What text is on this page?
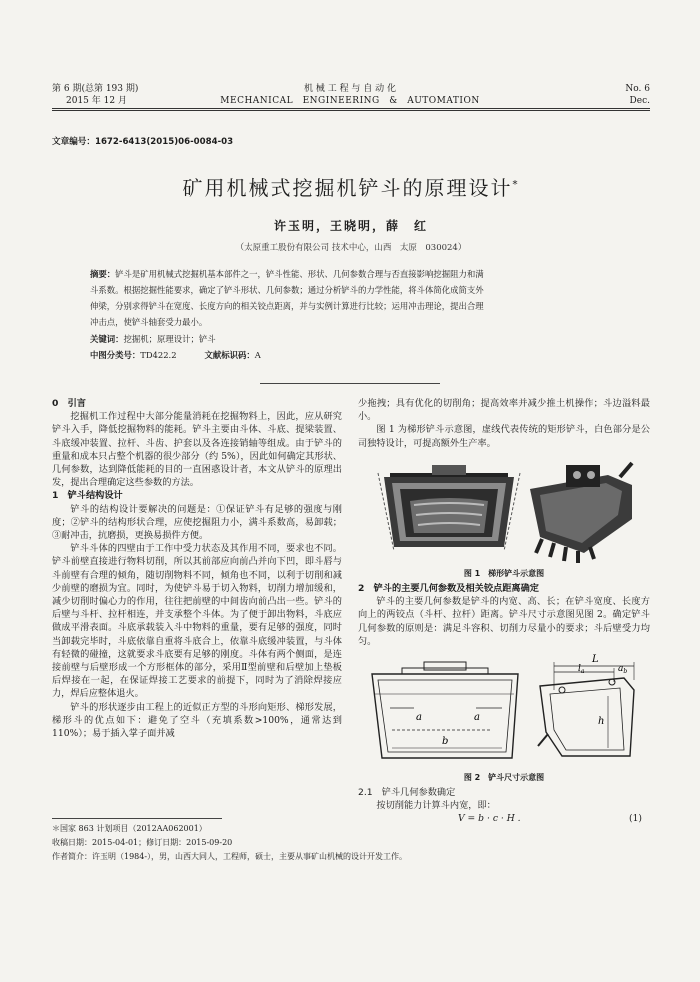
第 6 期(总第 193 期)
2015 年 12 月
机 械 工 程 与 自 动 化
MECHANICAL　ENGINEERING　&　AUTOMATION
No. 6
Dec.
文章编号：1672-6413(2015)06-0084-03
矿用机械式挖掘机铲斗的原理设计*
许玉明，王晓明，薛　红
（太原重工股份有限公司 技术中心，山西　太原　030024）
摘要：铲斗是矿用机械式挖掘机基本部件之一，铲斗性能、形状、几何参数合理与否直接影响挖掘阻力和满
斗系数。根据挖掘性能要求，确定了铲斗形状、几何参数；通过分析铲斗的力学性能，将斗体简化成简支外
伸梁，分别求得铲斗在宽度、长度方向的相关铰点距离，并与实例计算进行比较；运用冲击理论，提出合理
冲击点，使铲斗轴套受力最小。
关键词：挖掘机；原理设计；铲斗
中图分类号：TD422.2	文献标识码：A
0　引言

挖掘机工作过程中大部分能量消耗在挖掘物料上，因此，应从研究铲斗入手，降低挖掘物料的能耗。铲斗主要由斗体、斗底、提梁装置、斗底缓冲装置、拉杆、斗齿、护套以及各连接销轴等组成。由于铲斗的重量和成本只占整个机器的很少部分（约 5%），因此如何确定其形状、几何参数，达到降低能耗的目的一直困惑设计者，本文从铲斗的原理出发，提出合理确定这些参数的方法。

1　铲斗结构设计

铲斗的结构设计要解决的问题是：①保证铲斗有足够的强度与刚度；②铲斗的结构形状合理，应使挖掘阻力小，满斗系数高，易卸载；③耐冲击，抗磨损，更换易损件方便。

铲斗斗体的四壁由于工作中受力状态及其作用不同，要求也不同。铲斗前壁直接进行物料切削，所以其前部应向前凸并向下凹，即斗唇与斗前壁有合理的倾角，随切削物料不同，倾角也不同，以利于切削和减少前壁的磨损为宜。同时，为使铲斗易于切入物料，切削力增加缓和，减少切削时偏心力的作用，往往把前壁的中间齿向前凸出一些。铲斗的后壁与斗杆、拉杆相连，并支承整个斗体。为了便于卸出物料，斗底应做成平滑表面。斗底承载装入斗中物料的重量，要有足够的强度，同时当卸载完毕时，斗底依靠自重将斗底合上，依靠斗底缓冲装置，与斗体有轻微的碰撞，这就要求斗底要有足够的刚度。斗体有两个侧面，是连接前壁与后壁形成一个方形框体的部分，采用Ⅱ型前壁和后壁加上垫板后焊接在一起，在保证焊接工艺要求的前提下，同时为了消除焊接应力，焊后应整体退火。

铲斗的形状逐步由工程上的近似正方型的斗形向矩形、梯形发展，梯形斗的优点如下：避免了空斗（充填系数>100%，通常达到 110%）；易于插入掌子面并减

少拖拽；具有优化的切削角；提高效率并减少推土机操作；斗边溢料最小。

图 1 为梯形铲斗示意图，虚线代表传统的矩形铲斗，白色部分是公司独特设计，可提高额外生产率。

图 1　梯形铲斗示意图
2　铲斗的主要几何参数及相关铰点距离确定

铲斗的主要几何参数是铲斗的内宽、高、长；在铲斗宽度、长度方向上的两铰点（斗杆、拉杆）距离。铲斗尺寸示意图见图 2。确定铲斗几何参数的原则是：满足斗容积、切削力尽量小的要求；斗后壁受力均匀。

a	a
b
L
$l_a$	$a_b$
h
图 2　铲斗尺寸示意图
2.1　铲斗几何参数确定

按切削能力计算斗内宽，即：

V = b · c · H .	(1)
＊国家 863 计划项目（2012AA062001）
收稿日期：2015-04-01；修订日期：2015-09-20
作者简介：许玉明（1984-），男，山西大同人，工程师，硕士，主要从事矿山机械的设计开发工作。
